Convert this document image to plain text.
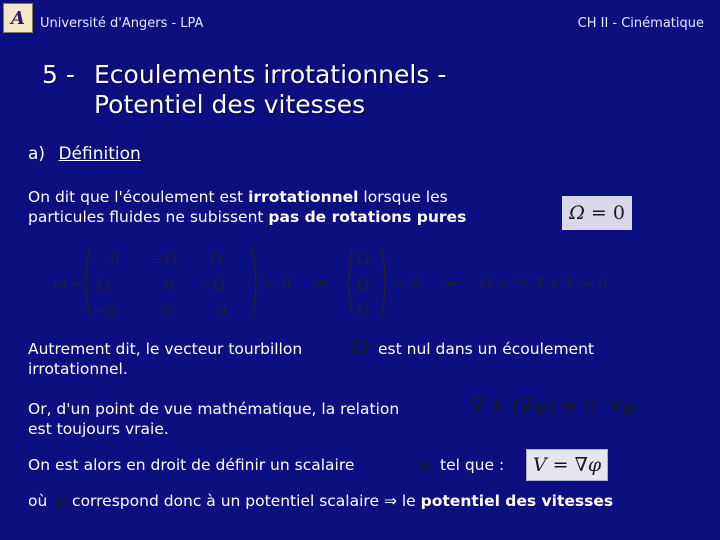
A	Université d'Angers - LPA	CH II - Cinématique
5 - Ecoulements irrotationnels -
Potentiel des vitesses
a) Définition
On dit que l'écoulement est irrotationnel lorsque les
particules fluides ne subissent pas de rotations pures	Ω
= 0
ω =
0 −Ω Ω
Ω	0 −Ω
−Ω	Ω	0
= 0 ⇒
Ω
Ω
Ω
= 0 ⇒ Ω = ½ ∇ ∧ V = 0
Autrement dit, le vecteur tourbillon
irrotationnel.
Ω est nul dans un écoulement
Or, d'un point de vue mathématique, la relation
est toujours vraie.
∇ ∧ (∇φ) = 0 ∀φ
On est alors en droit de définir un scalaire	φ tel que : V = ∇ φ
où φ correspond donc à un potentiel scalaire ⇒ le potentiel des vitesses
